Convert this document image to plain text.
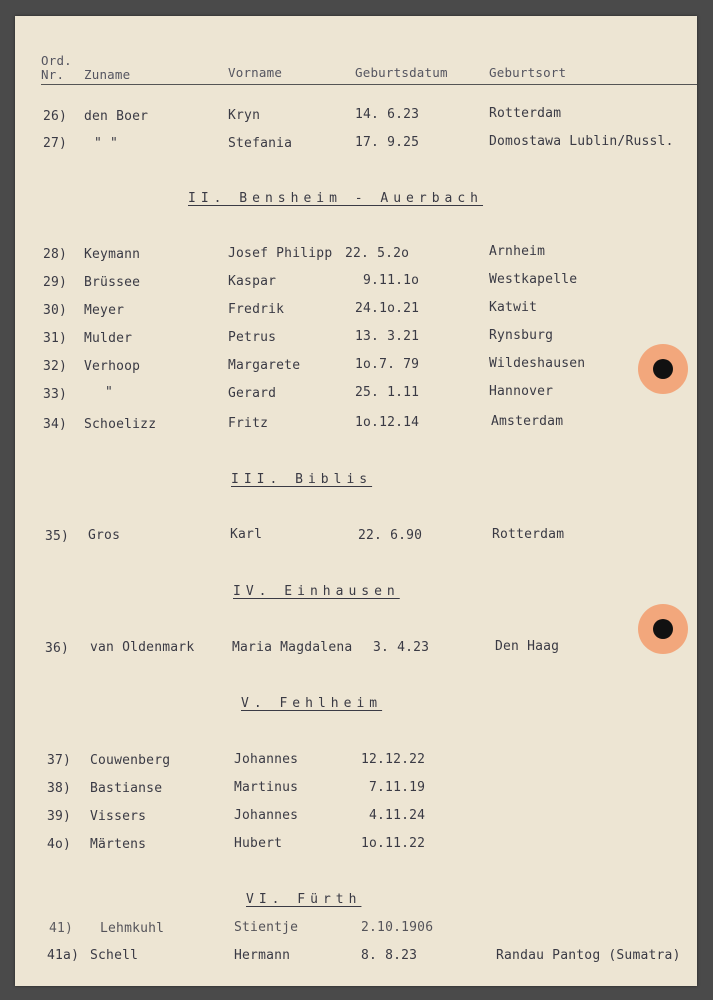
Ord.
Nr. Zuname	Vorname	Geburtsdatum	Geburtsort
26) den Boer	Kryn	14. 6.23	Rotterdam
27) " "	Stefania	17. 9.25	Domostawa Lublin/Russl.
II. Bensheim - Auerbach
28) Keymann	Josef Philipp 22. 5.2o	Arnheim
29) Brüssee	Kaspar	9.11.1o	Westkapelle
30) Meyer	Fredrik	24.1o.21	Katwit
31) Mulder	Petrus	13. 3.21	Rynsburg
32) Verhoop	Margarete	1o.7. 79	Wildeshausen
33)	"	Gerard	25. 1.11	Hannover
34) Schoelizz	Fritz	1o.12.14	Amsterdam
III. Biblis
35) Gros	Karl	22. 6.90	Rotterdam
IV. Einhausen
36) van Oldenmark	Maria Magdalena 3. 4.23	Den Haag
V. Fehlheim
37) Couwenberg	Johannes	12.12.22
38) Bastianse	Martinus	7.11.19
39) Vissers	Johannes	4.11.24
4o) Märtens	Hubert	1o.11.22
VI. Fürth
41) Lehmkuhl	Stientje	2.10.1906
41a) Schell	Hermann	8. 8.23	Randau Pantog (Sumatra)
